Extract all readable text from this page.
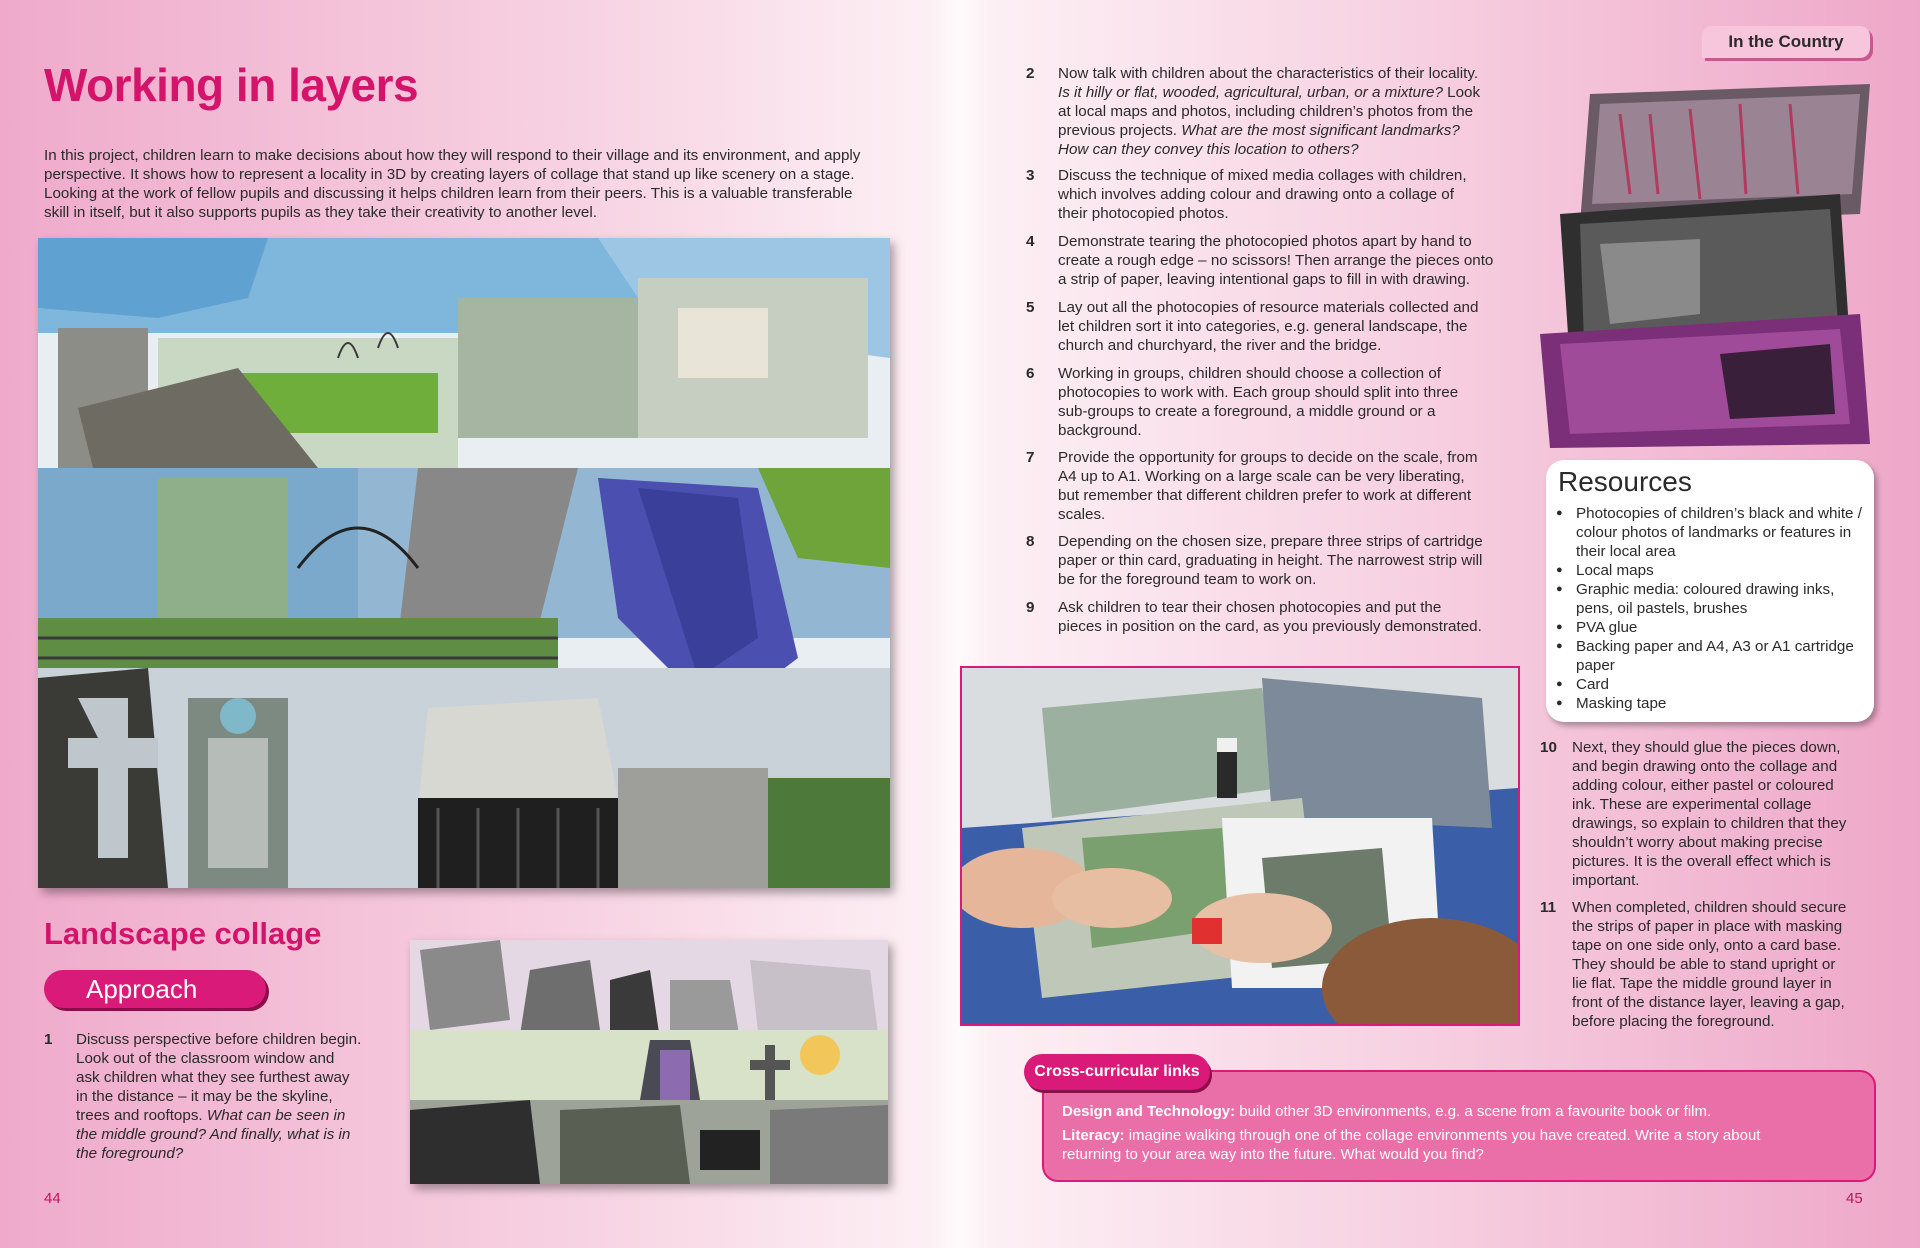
Working in layers

In this project, children learn to make decisions about how they will respond to their village and its environment, and apply perspective. It shows how to represent a locality in 3D by creating layers of collage that stand up like scenery on a stage. Looking at the work of fellow pupils and discussing it helps children learn from their peers. This is a valuable transferable skill in itself, but it also supports pupils as they take their creativity to another level.

Landscape collage
Approach
1 Discuss perspective before children begin.
Look out of the classroom window and
ask children what they see furthest away
in the distance – it may be the skyline,
trees and rooftops. What can be seen in
the middle ground? And finally, what is in
the foreground?
44
In the Country
2 Now talk with children about the characteristics of their locality.
Is it hilly or flat, wooded, agricultural, urban, or a mixture? Look
at local maps and photos, including children’s photos from the
previous projects. What are the most significant landmarks?
How can they convey this location to others?
3 Discuss the technique of mixed media collages with children,
which involves adding colour and drawing onto a collage of
their photocopied photos.
4 Demonstrate tearing the photocopied photos apart by hand to
create a rough edge – no scissors! Then arrange the pieces onto
a strip of paper, leaving intentional gaps to fill in with drawing.
5 Lay out all the photocopies of resource materials collected and
let children sort it into categories, e.g. general landscape, the
church and churchyard, the river and the bridge.
6 Working in groups, children should choose a collection of
photocopies to work with. Each group should split into three
sub-groups to create a foreground, a middle ground or a
background.
7 Provide the opportunity for groups to decide on the scale, from
A4 up to A1. Working on a large scale can be very liberating,
but remember that different children prefer to work at different
scales.
8 Depending on the chosen size, prepare three strips of cartridge
paper or thin card, graduating in height. The narrowest strip will
be for the foreground team to work on.
9 Ask children to tear their chosen photocopies and put the
pieces in position on the card, as you previously demonstrated.
Resources
● Photocopies of children’s black and white / colour photos of landmarks or features in their local area
● Local maps
● Graphic media: coloured drawing inks, pens, oil pastels, brushes
● PVA glue
● Backing paper and A4, A3 or A1 cartridge paper
● Card
● Masking tape
10 Next, they should glue the pieces down,
and begin drawing onto the collage and
adding colour, either pastel or coloured
ink. These are experimental collage
drawings, so explain to children that they
shouldn’t worry about making precise
pictures. It is the overall effect which is
important.
11 When completed, children should secure
the strips of paper in place with masking
tape on one side only, onto a card base.
They should be able to stand upright or
lie flat. Tape the middle ground layer in
front of the distance layer, leaving a gap,
before placing the foreground.
Cross-curricular links
Design and Technology: build other 3D environments, e.g. a scene from a favourite book or film.
Literacy: imagine walking through one of the collage environments you have created. Write a story about
returning to your area way into the future. What would you find?
45
